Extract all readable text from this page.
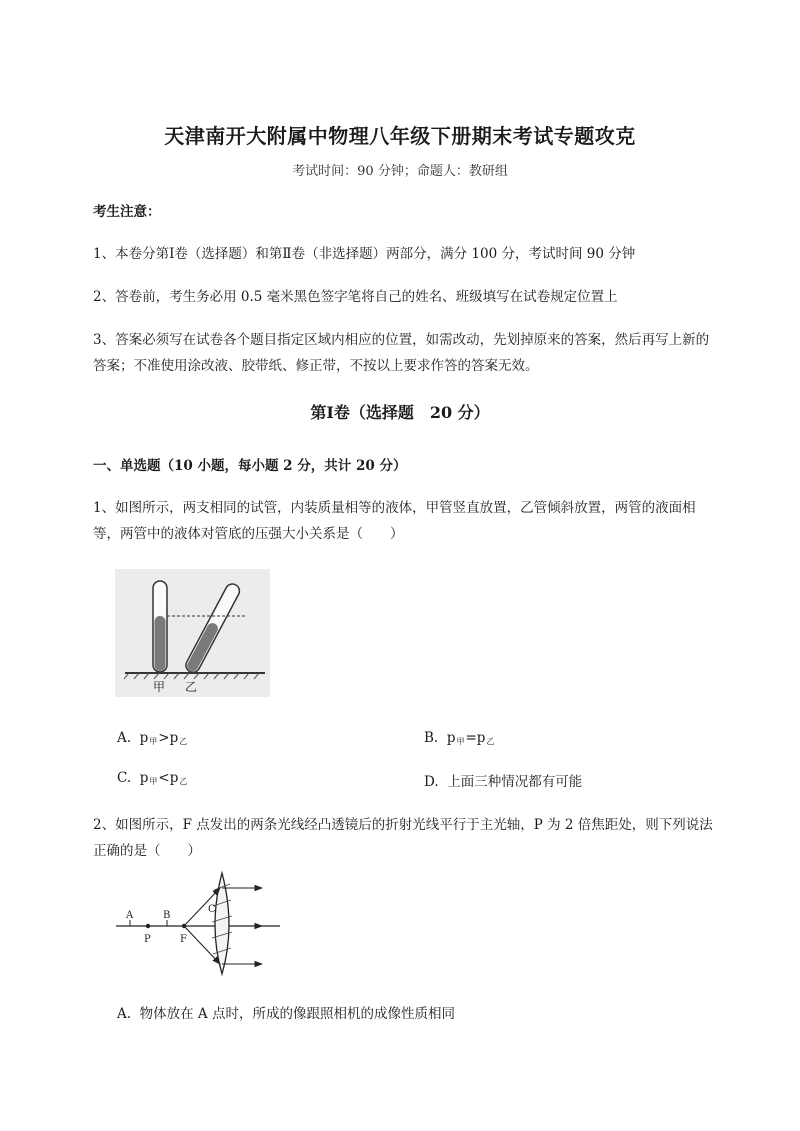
天津南开大附属中物理八年级下册期末考试专题攻克
考试时间：90 分钟；命题人：教研组
考生注意：
1、本卷分第Ⅰ卷（选择题）和第Ⅱ卷（非选择题）两部分，满分 100 分，考试时间 90 分钟
2、答卷前，考生务必用 0.5 毫米黑色签字笔将自己的姓名、班级填写在试卷规定位置上
3、答案必须写在试卷各个题目指定区域内相应的位置，如需改动，先划掉原来的答案，然后再写上新的答案；不准使用涂改液、胶带纸、修正带，不按以上要求作答的答案无效。
第Ⅰ卷（选择题　20 分）
一、单选题（10 小题，每小题 2 分，共计 20 分）
1、如图所示，两支相同的试管，内装质量相等的液体，甲管竖直放置，乙管倾斜放置，两管的液面相等，两管中的液体对管底的压强大小关系是（　　）
甲 乙
A. $p_甲>p_乙$	B. $p_甲=p_乙$
C. $p_甲<p_乙$	D. 上面三种情况都有可能
2、如图所示，F 点发出的两条光线经凸透镜后的折射光线平行于主光轴，P 为 2 倍焦距处，则下列说法正确的是（　　）
A	B
P	F
C
A. 物体放在 A 点时，所成的像跟照相机的成像性质相同
